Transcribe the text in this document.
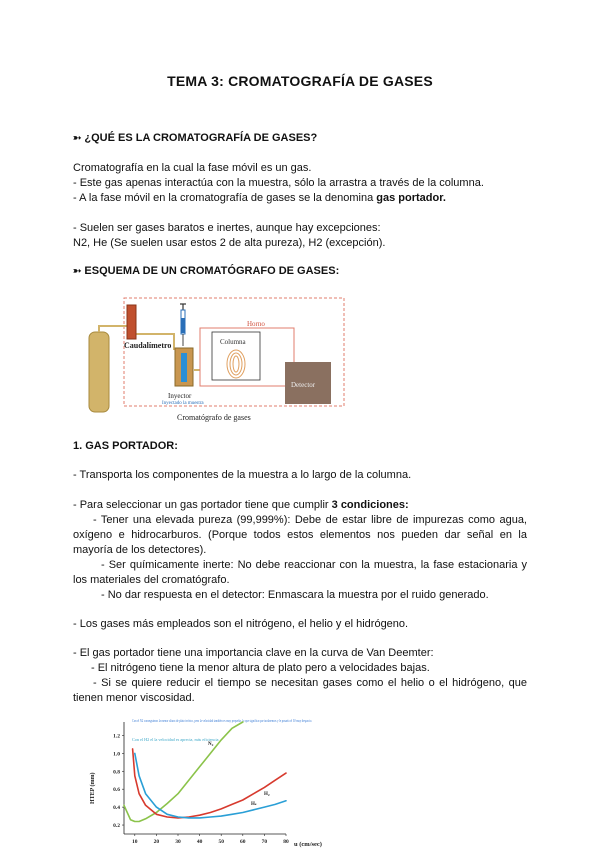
TEMA 3: CROMATOGRAFÍA DE GASES
➳ ¿QUÉ ES LA CROMATOGRAFÍA DE GASES?
Cromatografía en la cual la fase móvil es un gas.
- Este gas apenas interactúa con la muestra, sólo la arrastra a través de la columna.
- A la fase móvil en la cromatografía de gases se la denomina gas portador.
- Suelen ser gases baratos e inertes, aunque hay excepciones:
N2, He (Se suelen usar estos 2 de alta pureza), H2 (excepción).
➳ ESQUEMA DE UN CROMATÓGRAFO DE GASES:
Horno
Columna
Detector
Caudalímetro
Inyector
Inyectado la muestra
Cromatógrafo de gases
1. GAS PORTADOR:
- Transporta los componentes de la muestra a lo largo de la columna.
- Para seleccionar un gas portador tiene que cumplir 3 condiciones:
- Tener una elevada pureza (99,999%): Debe de estar libre de impurezas como agua, oxígeno e hidrocarburos. (Porque todos estos elementos nos pueden dar señal en la mayoría de los detectores).
- Ser químicamente inerte: No debe reaccionar con la muestra, la fase estacionaria y los materiales del cromatógrafo.
- No dar respuesta en el detector: Enmascara la muestra por el ruido generado.
- Los gases más empleados son el nitrógeno, el helio y el hidrógeno.
- El gas portador tiene una importancia clave en la curva de Van Deemter:
- El nitrógeno tiene la menor altura de plato pero a velocidades bajas.
- Si se quiere reducir el tiempo se necesitan gases como el helio o el hidrógeno, que tienen menor viscosidad.
Con el N2 conseguimos la menor altura de plato teórico, pero la velocidad también es muy pequeña, lo que significa que tardaremos y le pasaría el 30 muy despacio.
Con el H2 el la velocidad es aprecia, más eficiencia
10	20	30	40	50	60	70	80
0.2
0.4
0.6
0.8
1.0
1.2
HTEP (mm)
u (cm/sec)
$N_2$
He
$H_2$
